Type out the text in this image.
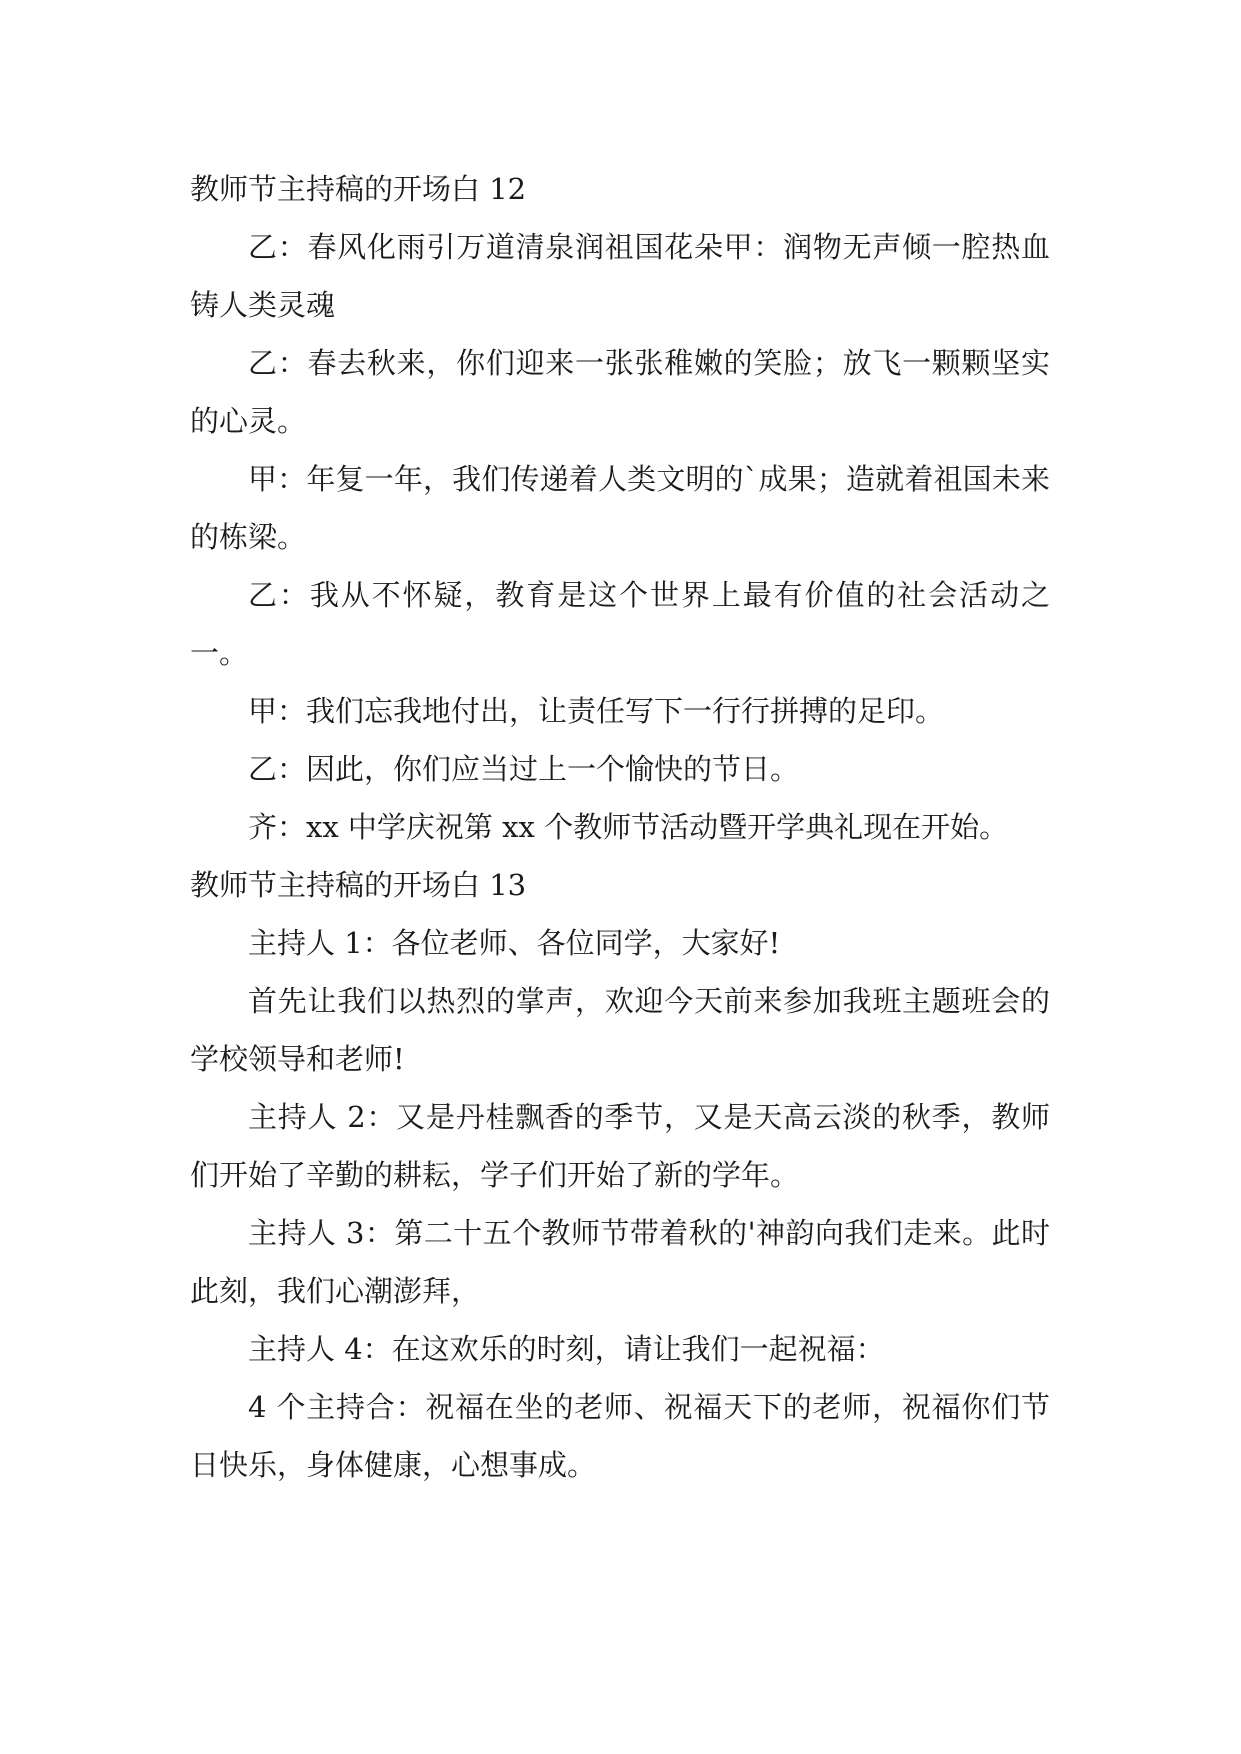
教师节主持稿的开场白 12

乙：春风化雨引万道清泉润祖国花朵甲：润物无声倾一腔热血铸人类灵魂

乙：春去秋来，你们迎来一张张稚嫩的笑脸；放飞一颗颗坚实的心灵。

甲：年复一年，我们传递着人类文明的`成果；造就着祖国未来的栋梁。

乙：我从不怀疑，教育是这个世界上最有价值的社会活动之一。

甲：我们忘我地付出，让责任写下一行行拼搏的足印。

乙：因此，你们应当过上一个愉快的节日。

齐：xx 中学庆祝第 xx 个教师节活动暨开学典礼现在开始。

教师节主持稿的开场白 13

主持人 1：各位老师、各位同学，大家好!

首先让我们以热烈的掌声，欢迎今天前来参加我班主题班会的学校领导和老师!

主持人 2：又是丹桂飘香的季节，又是天高云淡的秋季，教师们开始了辛勤的耕耘，学子们开始了新的学年。

主持人 3：第二十五个教师节带着秋的'神韵向我们走来。此时此刻，我们心潮澎拜，

主持人 4：在这欢乐的时刻，请让我们一起祝福：

4 个主持合：祝福在坐的老师、祝福天下的老师，祝福你们节日快乐，身体健康，心想事成。
